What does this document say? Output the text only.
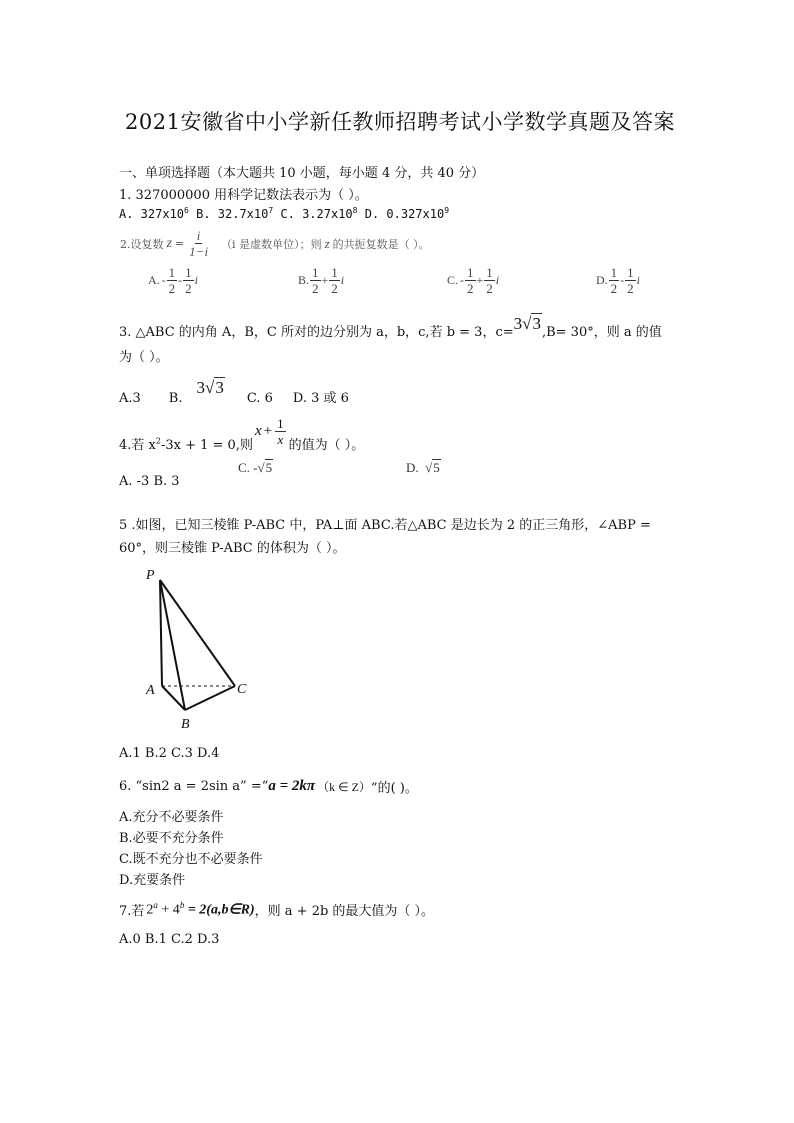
2021安徽省中小学新任教师招聘考试小学数学真题及答案
一、单项选择题（本大题共 10 小题，每小题 4 分，共 40 分）
1. 327000000 用科学记数法表示为（ ）。
A. $327x10^6$ B. $32.7x10^7$ C. $3.27x10^8$ D. $0.327x10^9$
2.设复数 $z = \frac{i}{1-i} (i$ 是虚数单位）；则 z 的共扼复数是（ ）。
A. - $\frac{1}{2} - \frac{1}{2}$ i	B. $\frac{1}{2} + \frac{1}{2}$ i	C. - $\frac{1}{2} + \frac{1}{2}$ i	D. $\frac{1}{2} - \frac{1}{2}$ i
3. △ABC 的内角 A，B，C 所对的边分别为 a，b，c,若 b = 3，c= 3√3 ,B= 30°，则 a 的值
为（ ）。
A.3 B.
3√3
C. 6 D. 3 或 6
4.若 $x^2-3x + 1 = 0$,则
$x + \frac{1}{x}$ 的值为（ ）。
A. -3 B. 3
C. -√5	D.  √5
5 .如图，已知三棱锥 P-ABC 中，PA⊥面 ABC.若△ABC 是边长为 2 的正三角形，∠ABP =
60°，则三棱锥 P-ABC 的体积为（ ）。
P
A
B
C
A.1 B.2 C.3 D.4
6. “sin2 a = 2sin a” =“ a = 2kπ （k ∈ Z） ”的( )。
A.充分不必要条件
B.必要不充分条件
C.既不充分也不必要条件
D.充要条件
7.若 $2^a + 4^b$ = 2(a,b∈R) ，则 a + 2b 的最大值为（ ）。
A.0 B.1 C.2 D.3
